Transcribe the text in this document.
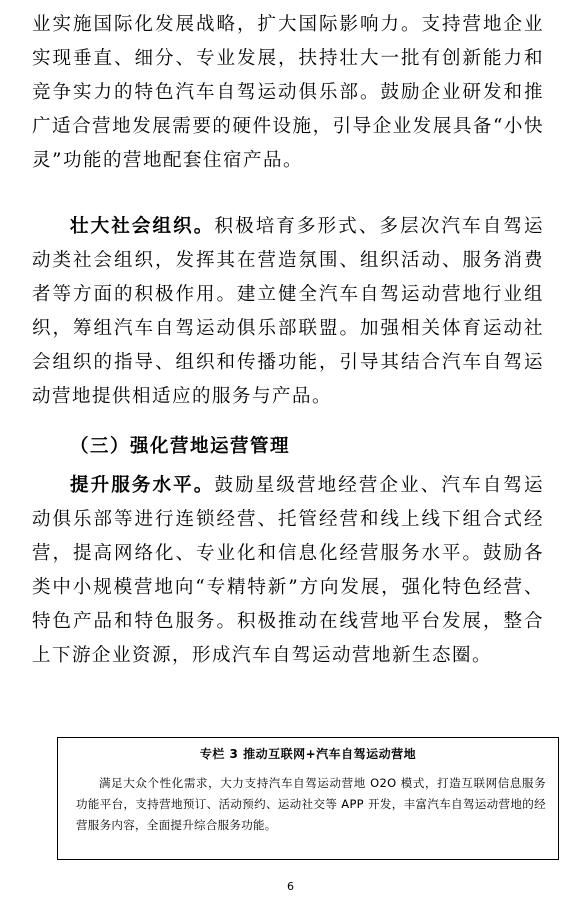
业实施国际化发展战略，扩大国际影响力。支持营地企业实现垂直、细分、专业发展，扶持壮大一批有创新能力和竞争实力的特色汽车自驾运动俱乐部。鼓励企业研发和推广适合营地发展需要的硬件设施，引导企业发展具备“小快灵”功能的营地配套住宿产品。

壮大社会组织。积极培育多形式、多层次汽车自驾运动类社会组织，发挥其在营造氛围、组织活动、服务消费者等方面的积极作用。建立健全汽车自驾运动营地行业组织，筹组汽车自驾运动俱乐部联盟。加强相关体育运动社会组织的指导、组织和传播功能，引导其结合汽车自驾运动营地提供相适应的服务与产品。

（三）强化营地运营管理

提升服务水平。鼓励星级营地经营企业、汽车自驾运动俱乐部等进行连锁经营、托管经营和线上线下组合式经营，提高网络化、专业化和信息化经营服务水平。鼓励各类中小规模营地向“专精特新”方向发展，强化特色经营、特色产品和特色服务。积极推动在线营地平台发展，整合上下游企业资源，形成汽车自驾运动营地新生态圈。

专栏 3 推动互联网+汽车自驾运动营地
满足大众个性化需求，大力支持汽车自驾运动营地 O2O 模式，打造互联网信息服务功能平台，支持营地预订、活动预约、运动社交等 APP 开发，丰富汽车自驾运动营地的经营服务内容，全面提升综合服务功能。
6
